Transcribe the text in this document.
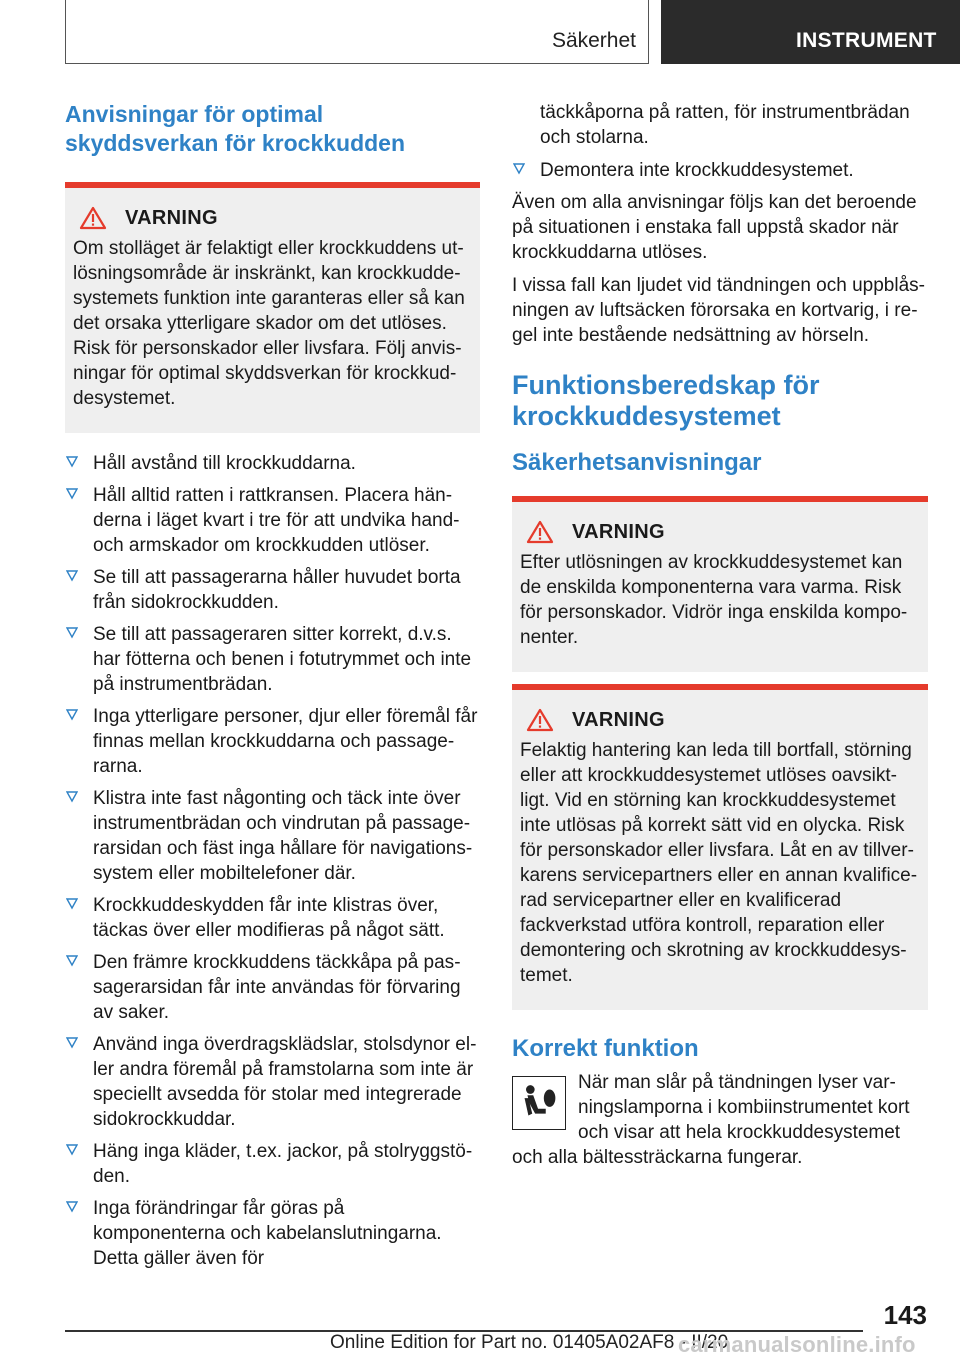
Säkerhet	INSTRUMENT
Anvisningar för optimal skyddsverkan för krockkudden
VARNING

Om stolläget är felaktigt eller krockkuddens utlösningsområde är inskränkt, kan krockkuddesystemets funktion inte garanteras eller så kan det orsaka ytterligare skador om det utlöses. Risk för personskador eller livsfara. Följ anvisningar för optimal skyddsverkan för krockkuddesystemet.

Håll avstånd till krockkuddarna.
Håll alltid ratten i rattkransen. Placera händerna i läget kvart i tre för att undvika hand- och armskador om krockkudden utlöser.
Se till att passagerarna håller huvudet borta från sidokrockkudden.
Se till att passageraren sitter korrekt, d.v.s. har fötterna och benen i fotutrymmet och inte på instrumentbrädan.
Inga ytterligare personer, djur eller föremål får finnas mellan krockkuddarna och passagerarna.
Klistra inte fast någonting och täck inte över instrumentbrädan och vindrutan på passagerarsidan och fäst inga hållare för navigationssystem eller mobiltelefoner där.
Krockkuddeskydden får inte klistras över, täckas över eller modifieras på något sätt.
Den främre krockkuddens täckkåpa på passagerarsidan får inte användas för förvaring av saker.
Använd inga överdragsklädslar, stolsdynor eller andra föremål på framstolarna som inte är speciellt avsedda för stolar med integrerade sidokrockkuddar.
Häng inga kläder, t.ex. jackor, på stolryggstöden.
Inga förändringar får göras på komponenterna och kabelanslutningarna. Detta gäller även för

täckkåporna på ratten, för instrumentbrädan och stolarna.

Demontera inte krockkuddesystemet.

Även om alla anvisningar följs kan det beroende på situationen i enstaka fall uppstå skador när krockkuddarna utlöses.

I vissa fall kan ljudet vid tändningen och uppblåsningen av luftsäcken förorsaka en kortvarig, i regel inte bestående nedsättning av hörseln.

Funktionsberedskap för krockkuddesystemet
Säkerhetsanvisningar
VARNING

Efter utlösningen av krockkuddesystemet kan de enskilda komponenterna vara varma. Risk för personskador. Vidrör inga enskilda komponenter.

VARNING

Felaktig hantering kan leda till bortfall, störning eller att krockkuddesystemet utlöses oavsiktligt. Vid en störning kan krockkuddesystemet inte utlösas på korrekt sätt vid en olycka. Risk för personskador eller livsfara. Låt en av tillverkarens servicepartners eller en annan kvalificerad servicepartner eller en kvalificerad fackverkstad utföra kontroll, reparation eller demontering och skrotning av krockkuddesystemet.

Korrekt funktion

När man slår på tändningen lyser varningslamporna i kombiinstrumentet kort och visar att hela krockkuddesystemet och alla bältessträckarna fungerar.

143
Online Edition for Part no. 01405A02AF8 - II/20
carmanualsonline.info
